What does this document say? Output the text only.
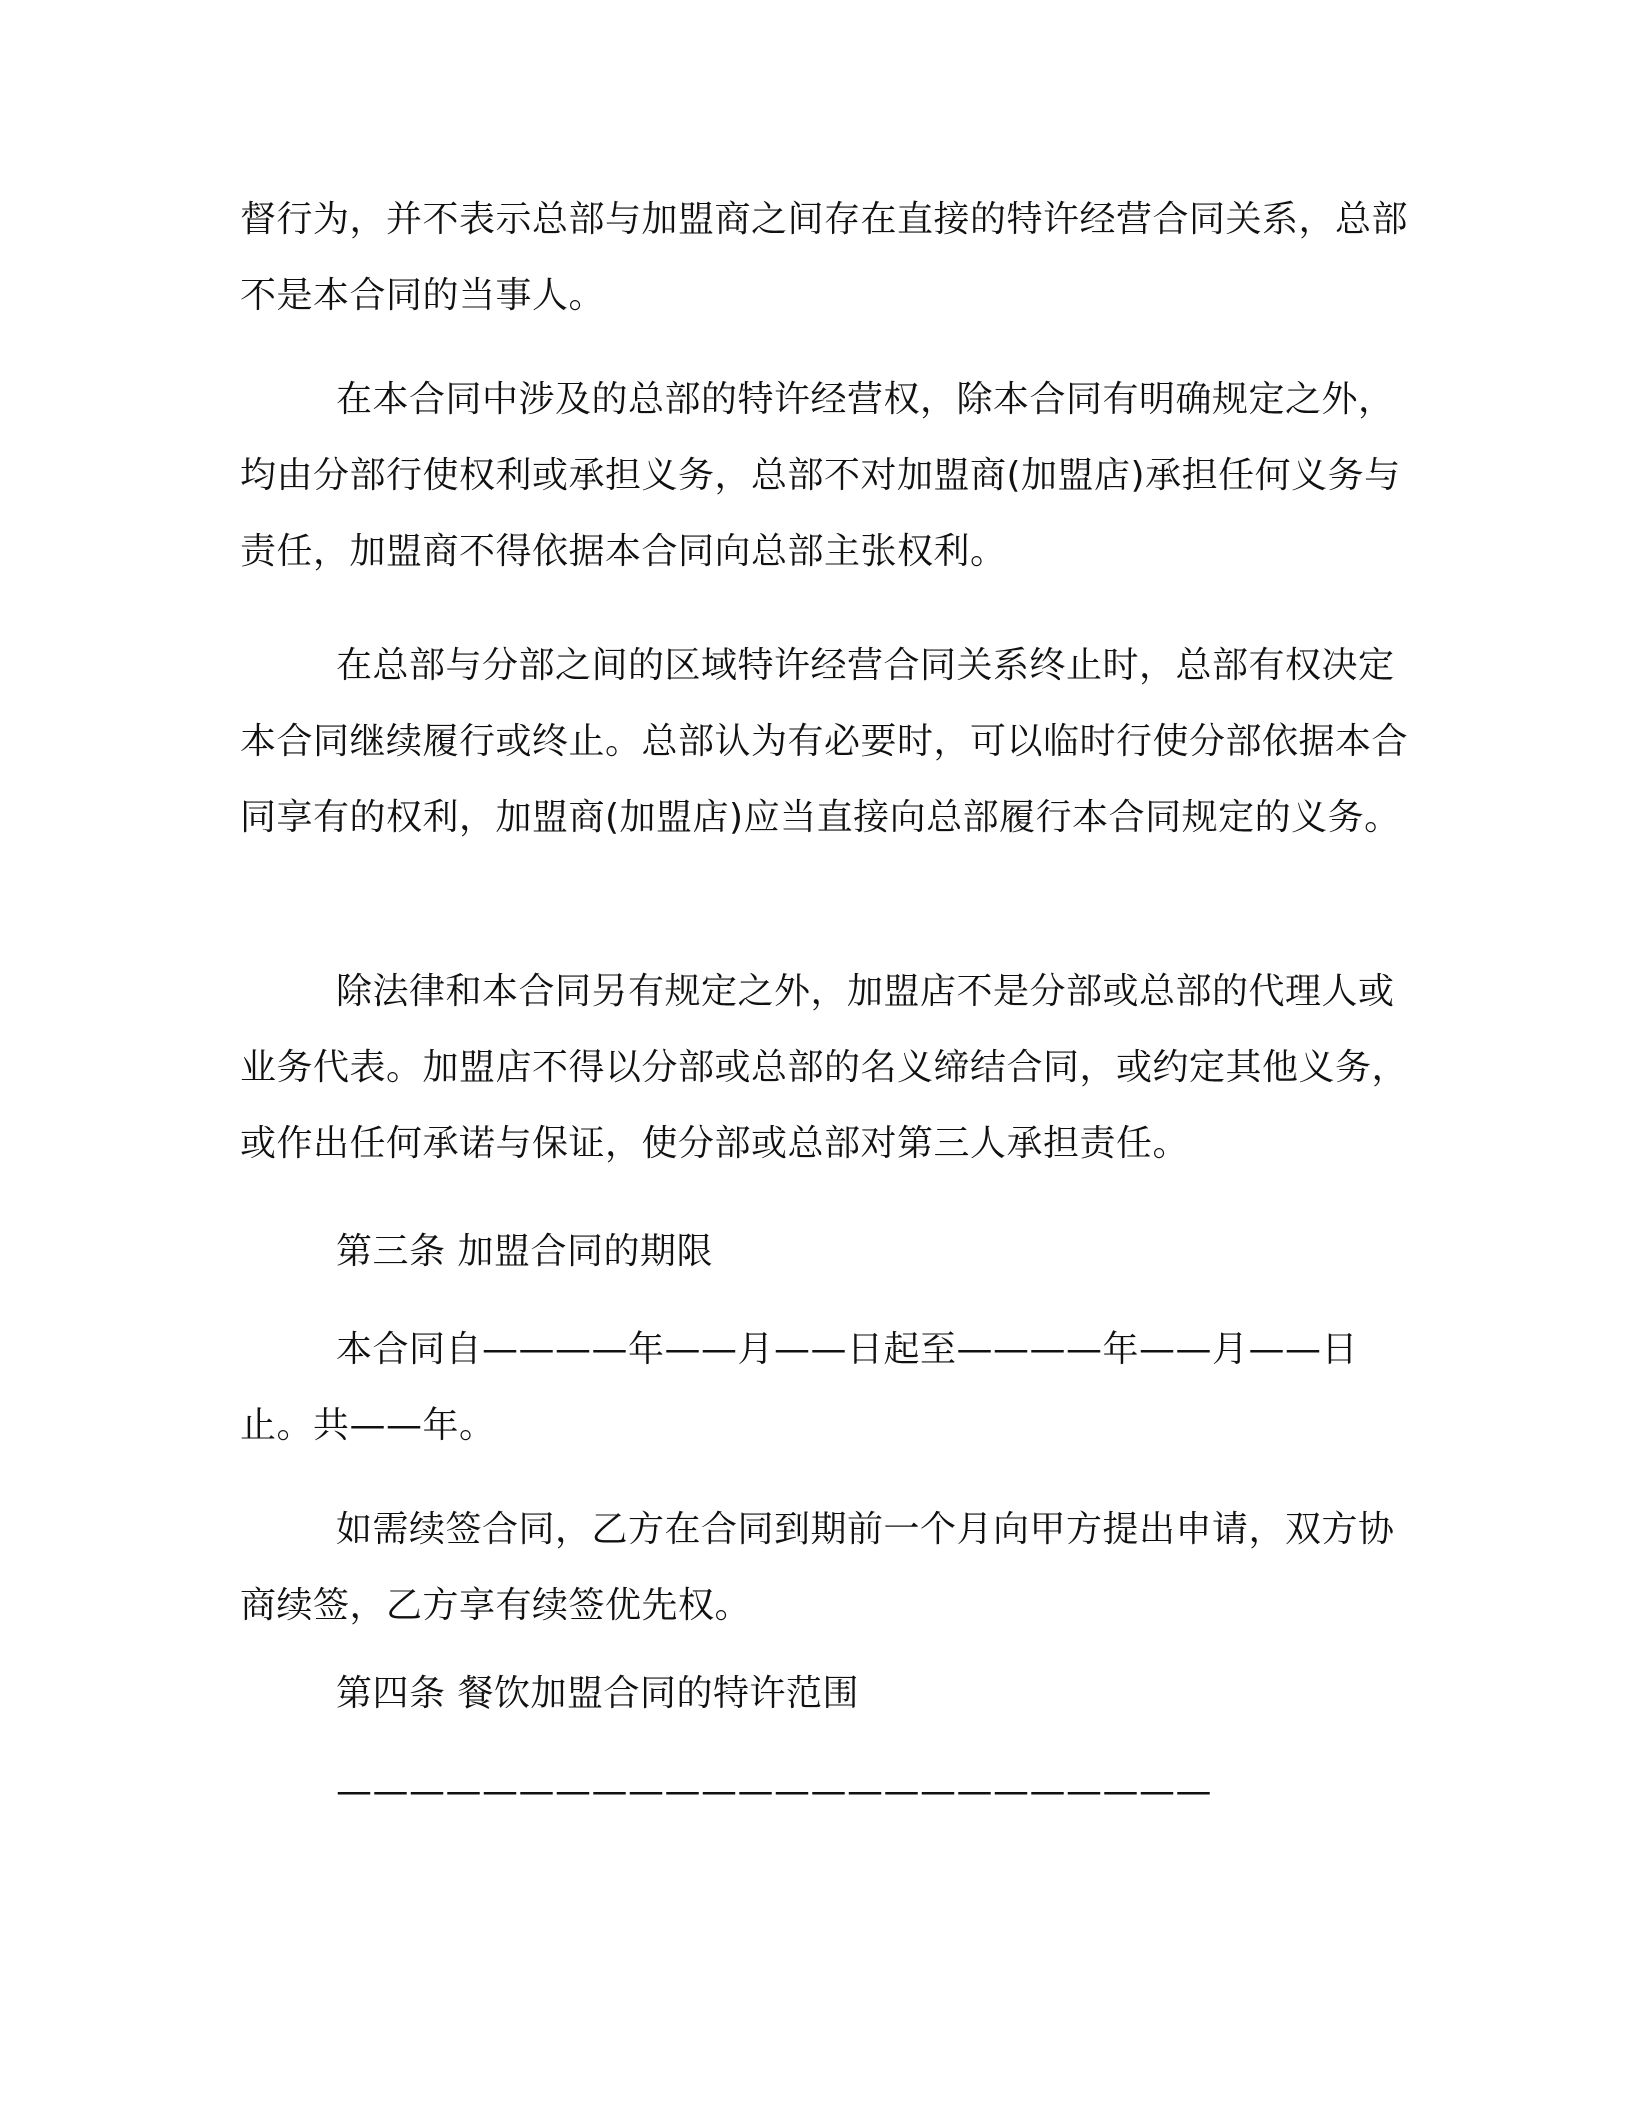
督行为，并不表示总部与加盟商之间存在直接的特许经营合同关系，总部不是本合同的当事人。

在本合同中涉及的总部的特许经营权，除本合同有明确规定之外，均由分部行使权利或承担义务，总部不对加盟商(加盟店)承担任何义务与责任，加盟商不得依据本合同向总部主张权利。

在总部与分部之间的区域特许经营合同关系终止时，总部有权决定本合同继续履行或终止。总部认为有必要时，可以临时行使分部依据本合同享有的权利，加盟商(加盟店)应当直接向总部履行本合同规定的义务。

除法律和本合同另有规定之外，加盟店不是分部或总部的代理人或业务代表。加盟店不得以分部或总部的名义缔结合同，或约定其他义务，或作出任何承诺与保证，使分部或总部对第三人承担责任。

第三条 加盟合同的期限

本合同自————年——月——日起至————年——月——日止。共——年。

如需续签合同，乙方在合同到期前一个月向甲方提出申请，双方协商续签，乙方享有续签优先权。

第四条 餐饮加盟合同的特许范围

————————————————————————
